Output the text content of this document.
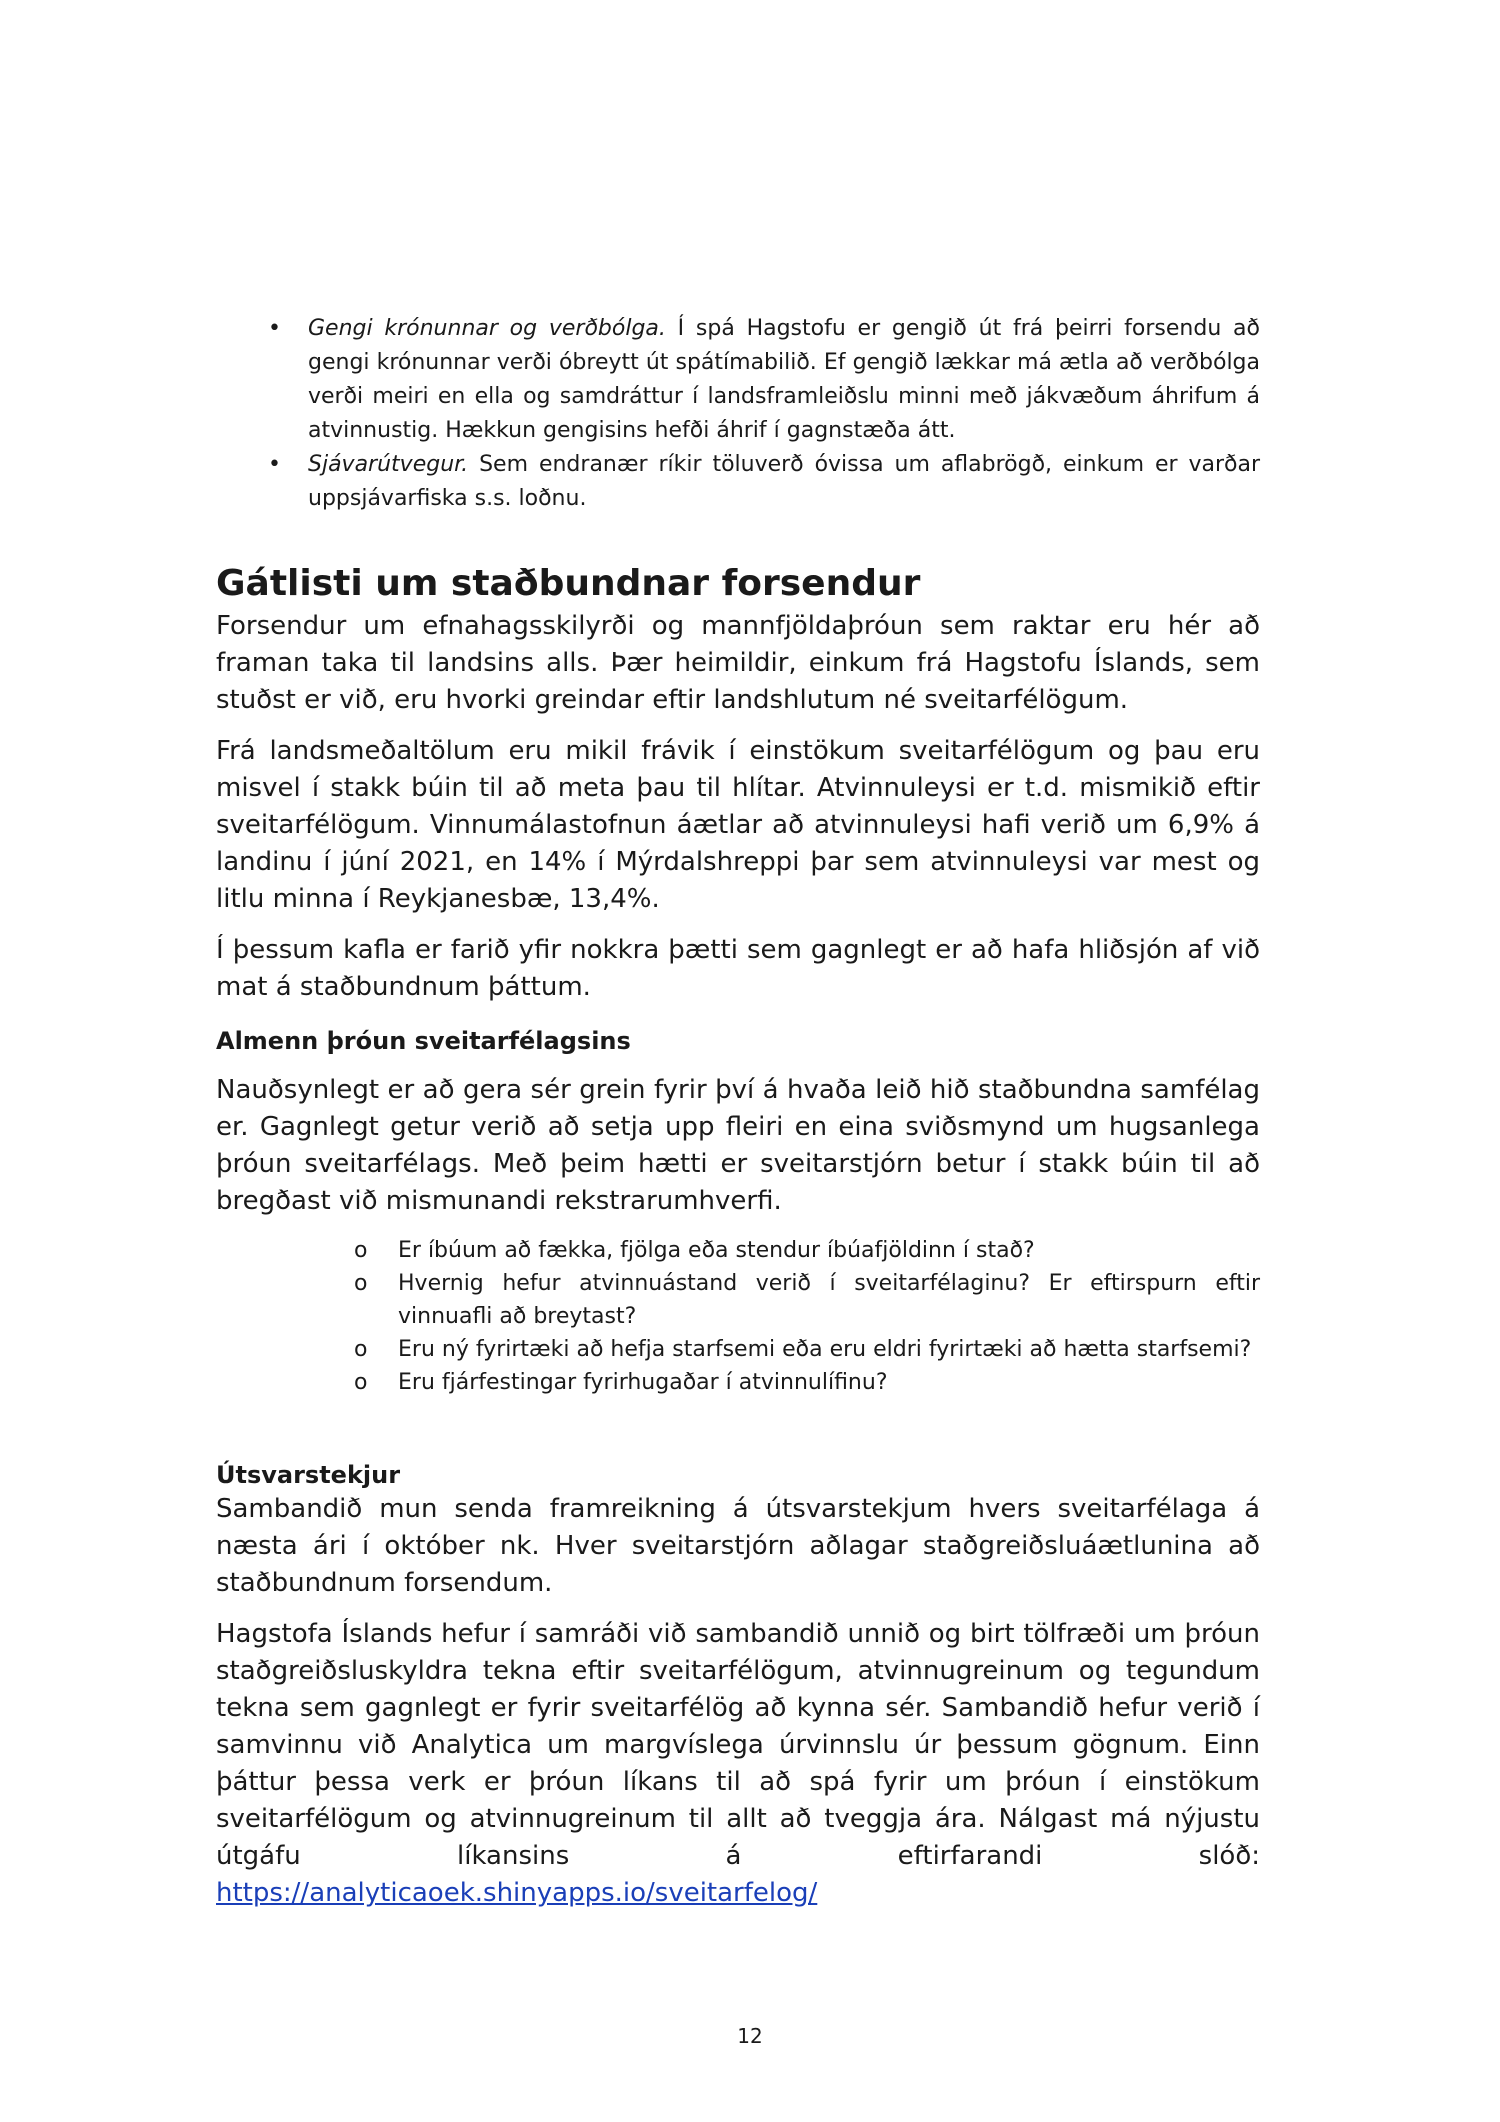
• Gengi krónunnar og verðbólga. Í spá Hagstofu er gengið út frá þeirri forsendu að gengi krónunnar verði óbreytt út spátímabilið. Ef gengið lækkar má ætla að verðbólga verði meiri en ella og samdráttur í landsframleiðslu minni með jákvæðum áhrifum á atvinnustig. Hækkun gengisins hefði áhrif í gagnstæða átt.
• Sjávarútvegur. Sem endranær ríkir töluverð óvissa um aflabrögð, einkum er varðar uppsjávarfiska s.s. loðnu.
Gátlisti um staðbundnar forsendur

Forsendur um efnahagsskilyrði og mannfjöldaþróun sem raktar eru hér að framan taka til landsins alls. Þær heimildir, einkum frá Hagstofu Íslands, sem stuðst er við, eru hvorki greindar eftir landshlutum né sveitarfélögum.

Frá landsmeðaltölum eru mikil frávik í einstökum sveitarfélögum og þau eru misvel í stakk búin til að meta þau til hlítar. Atvinnuleysi er t.d. mismikið eftir sveitarfélögum. Vinnumálastofnun áætlar að atvinnuleysi hafi verið um 6,9% á landinu í júní 2021, en 14% í Mýrdalshreppi þar sem atvinnuleysi var mest og litlu minna í Reykjanesbæ, 13,4%.

Í þessum kafla er farið yfir nokkra þætti sem gagnlegt er að hafa hliðsjón af við mat á staðbundnum þáttum.

Almenn þróun sveitarfélagsins

Nauðsynlegt er að gera sér grein fyrir því á hvaða leið hið staðbundna samfélag er. Gagnlegt getur verið að setja upp fleiri en eina sviðsmynd um hugsanlega þróun sveitarfélags. Með þeim hætti er sveitarstjórn betur í stakk búin til að bregðast við mismunandi rekstrarumhverfi.

o Er íbúum að fækka, fjölga eða stendur íbúafjöldinn í stað?
o Hvernig hefur atvinnuástand verið í sveitarfélaginu? Er eftirspurn eftir vinnuafli að breytast?
o Eru ný fyrirtæki að hefja starfsemi eða eru eldri fyrirtæki að hætta starfsemi?
o Eru fjárfestingar fyrirhugaðar í atvinnulífinu?
Útsvarstekjur

Sambandið mun senda framreikning á útsvarstekjum hvers sveitarfélaga á næsta ári í október nk. Hver sveitarstjórn aðlagar staðgreiðsluáætlunina að staðbundnum forsendum.

Hagstofa Íslands hefur í samráði við sambandið unnið og birt tölfræði um þróun staðgreiðsluskyldra tekna eftir sveitarfélögum, atvinnugreinum og tegundum tekna sem gagnlegt er fyrir sveitarfélög að kynna sér. Sambandið hefur verið í samvinnu við Analytica um margvíslega úrvinnslu úr þessum gögnum. Einn þáttur þessa verk er þróun líkans til að spá fyrir um þróun í einstökum sveitarfélögum og atvinnugreinum til allt að tveggja ára. Nálgast má nýjustu útgáfu líkansins á eftirfarandi slóð: https://analyticaoek.shinyapps.io/sveitarfelog/

12
